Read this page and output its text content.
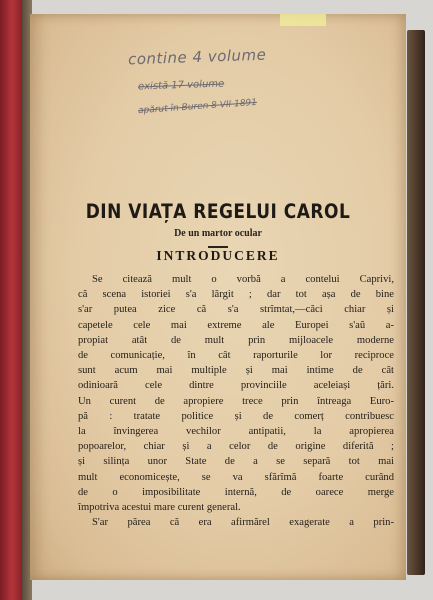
contine 4 volume
există 17 volume
apărut în Buren 8 VII 1891
DIN VIAȚA REGELUI CAROL
De un martor ocular
INTRODUCERE
Se citează mult o vorbă a contelui Caprivi,
că scena istoriei s'a lărgit ; dar tot așa de bine
s'ar putea zice că s'a strîmtat,—căci chiar și
capetele cele mai extreme ale Europei s'aŭ a-
propiat atât de mult prin mijloacele moderne
de comunicație, în cât raporturile lor reciproce
sunt acum mai multiple și mai intime de cât
odinioară cele dintre provinciile aceleiași țări.
Un curent de apropiere trece prin întreaga Euro-
pă : tratate politice și de comerț contribuesc
la învingerea vechilor antipatii, la apropierea
popoarelor, chiar și a celor de origine diferită ;
și silința unor State de a se separă tot mai
mult economicește, se va sfărîmă foarte curând
de o imposibilitate internă, de oarece merge
împotriva acestui mare curent general.
S'ar părea că era afirmărel exagerate a prin-
